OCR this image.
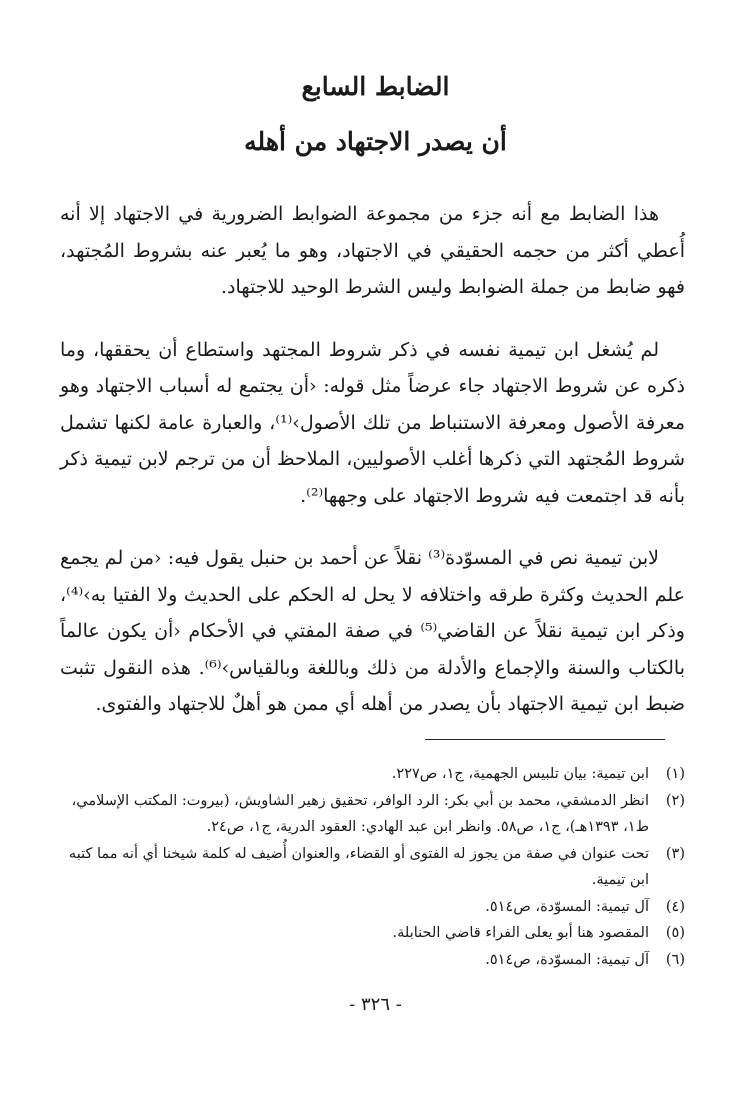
الضابط السابع
أن يصدر الاجتهاد من أهله

هذا الضابط مع أنه جزء من مجموعة الضوابط الضرورية في الاجتهاد إلا أنه أُعطي أكثر من حجمه الحقيقي في الاجتهاد، وهو ما يُعبر عنه بشروط المُجتهد، فهو ضابط من جملة الضوابط وليس الشرط الوحيد للاجتهاد.

لم يُشغل ابن تيمية نفسه في ذكر شروط المجتهد واستطاع أن يحققها، وما ذكره عن شروط الاجتهاد جاء عرضاً مثل قوله: ‹أن يجتمع له أسباب الاجتهاد وهو معرفة الأصول ومعرفة الاستنباط من تلك الأصول›⁽¹⁾، والعبارة عامة لكنها تشمل شروط المُجتهد التي ذكرها أغلب الأصوليين، الملاحظ أن من ترجم لابن تيمية ذكر بأنه قد اجتمعت فيه شروط الاجتهاد على وجهها⁽²⁾.

لابن تيمية نص في المسوّدة⁽³⁾ نقلاً عن أحمد بن حنبل يقول فيه: ‹من لم يجمع علم الحديث وكثرة طرقه واختلافه لا يحل له الحكم على الحديث ولا الفتيا به›⁽⁴⁾، وذكر ابن تيمية نقلاً عن القاضي⁽⁵⁾ في صفة المفتي في الأحكام ‹أن يكون عالماً بالكتاب والسنة والإجماع والأدلة من ذلك وباللغة وبالقياس›⁽⁶⁾. هذه النقول تثبت ضبط ابن تيمية الاجتهاد بأن يصدر من أهله أي ممن هو أهلٌ للاجتهاد والفتوى.

(١)
ابن تيمية: بيان تلبيس الجهمية، ج١، ص٢٢٧.
(٢)
انظر الدمشقي، محمد بن أبي بكر: الرد الوافر، تحقيق زهير الشاويش، (بيروت: المكتب الإسلامي، ط١، ١٣٩٣هـ)، ج١، ص٥٨. وانظر ابن عبد الهادي: العقود الدرية، ج١، ص٢٤.
(٣)
تحت عنوان في صفة من يجوز له الفتوى أو القضاء، والعنوان أُضيف له كلمة شيخنا أي أنه مما كتبه ابن تيمية.
(٤)
آل تيمية: المسوّدة، ص٥١٤.
(٥)
المقصود هنا أبو يعلى الفراء قاضي الحنابلة.
(٦)
آل تيمية: المسوّدة، ص٥١٤.
- ٣٢٦ -
